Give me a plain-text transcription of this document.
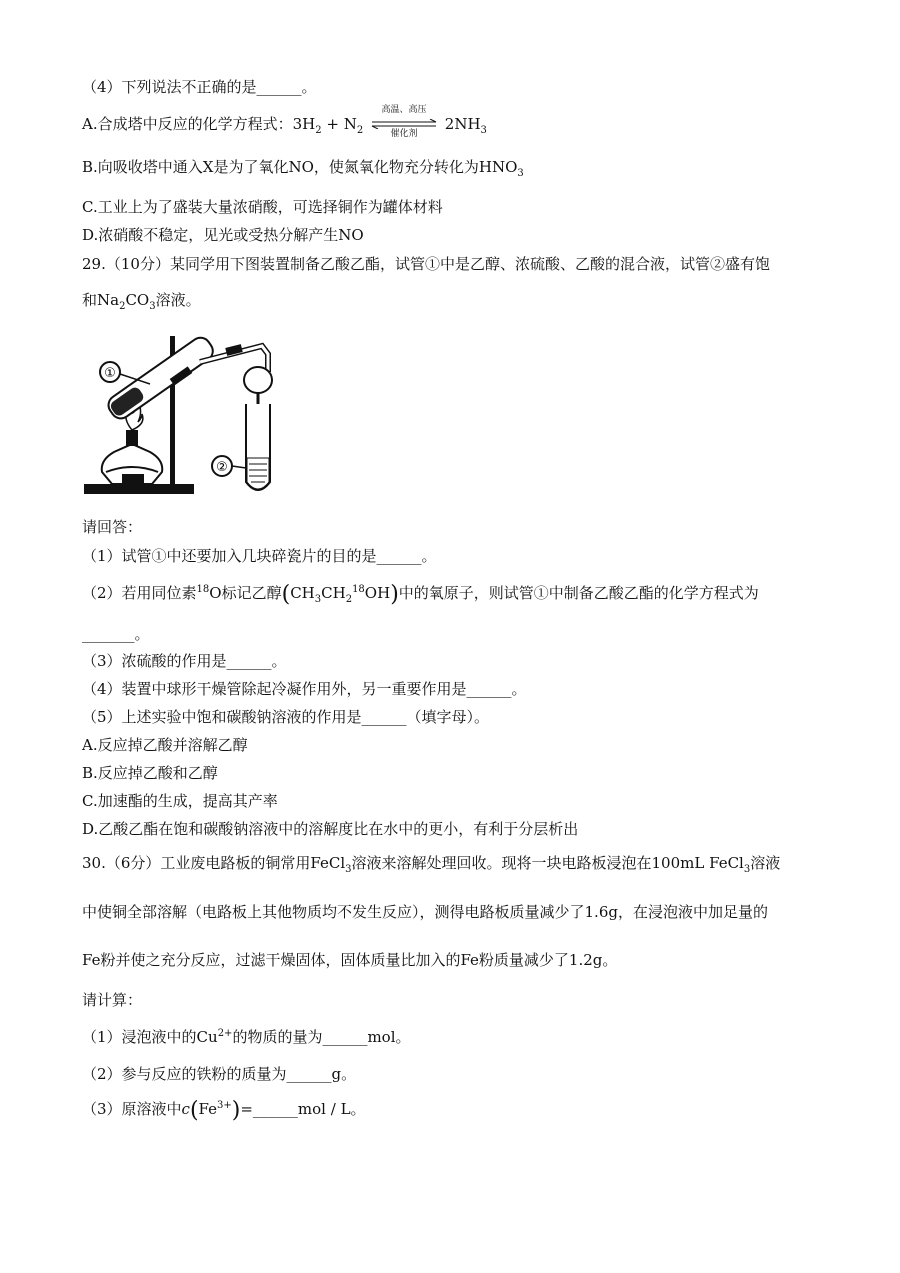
（4）下列说法不正确的是______。
A.合成塔中反应的化学方程式：$3H_2 + N_2$
高温、高压
催化剂
$2NH_3$
B.向吸收塔中通入X是为了氧化NO，使氮氧化物充分转化为$HNO_3$
C.工业上为了盛装大量浓硝酸，可选择铜作为罐体材料
D.浓硝酸不稳定，见光或受热分解产生NO
29.（10分）某同学用下图装置制备乙酸乙酯，试管①中是乙醇、浓硫酸、乙酸的混合液，试管②盛有饱
和$Na_2CO_3$溶液。
①
②
请回答：
（1）试管①中还要加入几块碎瓷片的目的是______。
（2）若用同位素$^{18}$O标记乙醇$(CH_3CH_2^{18}OH)$中的氧原子，则试管①中制备乙酸乙酯的化学方程式为
_______。
（3）浓硫酸的作用是______。
（4）装置中球形干燥管除起冷凝作用外，另一重要作用是______。
（5）上述实验中饱和碳酸钠溶液的作用是______（填字母）。
A.反应掉乙酸并溶解乙醇
B.反应掉乙酸和乙醇
C.加速酯的生成，提高其产率
D.乙酸乙酯在饱和碳酸钠溶液中的溶解度比在水中的更小，有利于分层析出
30.（6分）工业废电路板的铜常用FeCl$_3$溶液来溶解处理回收。现将一块电路板浸泡在100mL FeCl$_3$溶液
中使铜全部溶解（电路板上其他物质均不发生反应），测得电路板质量减少了1.6g，在浸泡液中加足量的
Fe粉并使之充分反应，过滤干燥固体，固体质量比加入的Fe粉质量减少了1.2g。
请计算：
（1）浸泡液中的$Cu^{2+}$的物质的量为______mol。
（2）参与反应的铁粉的质量为______g。
（3）原溶液中$c(Fe^{3+})=\_\_\_\_\_\_mol / L$。
